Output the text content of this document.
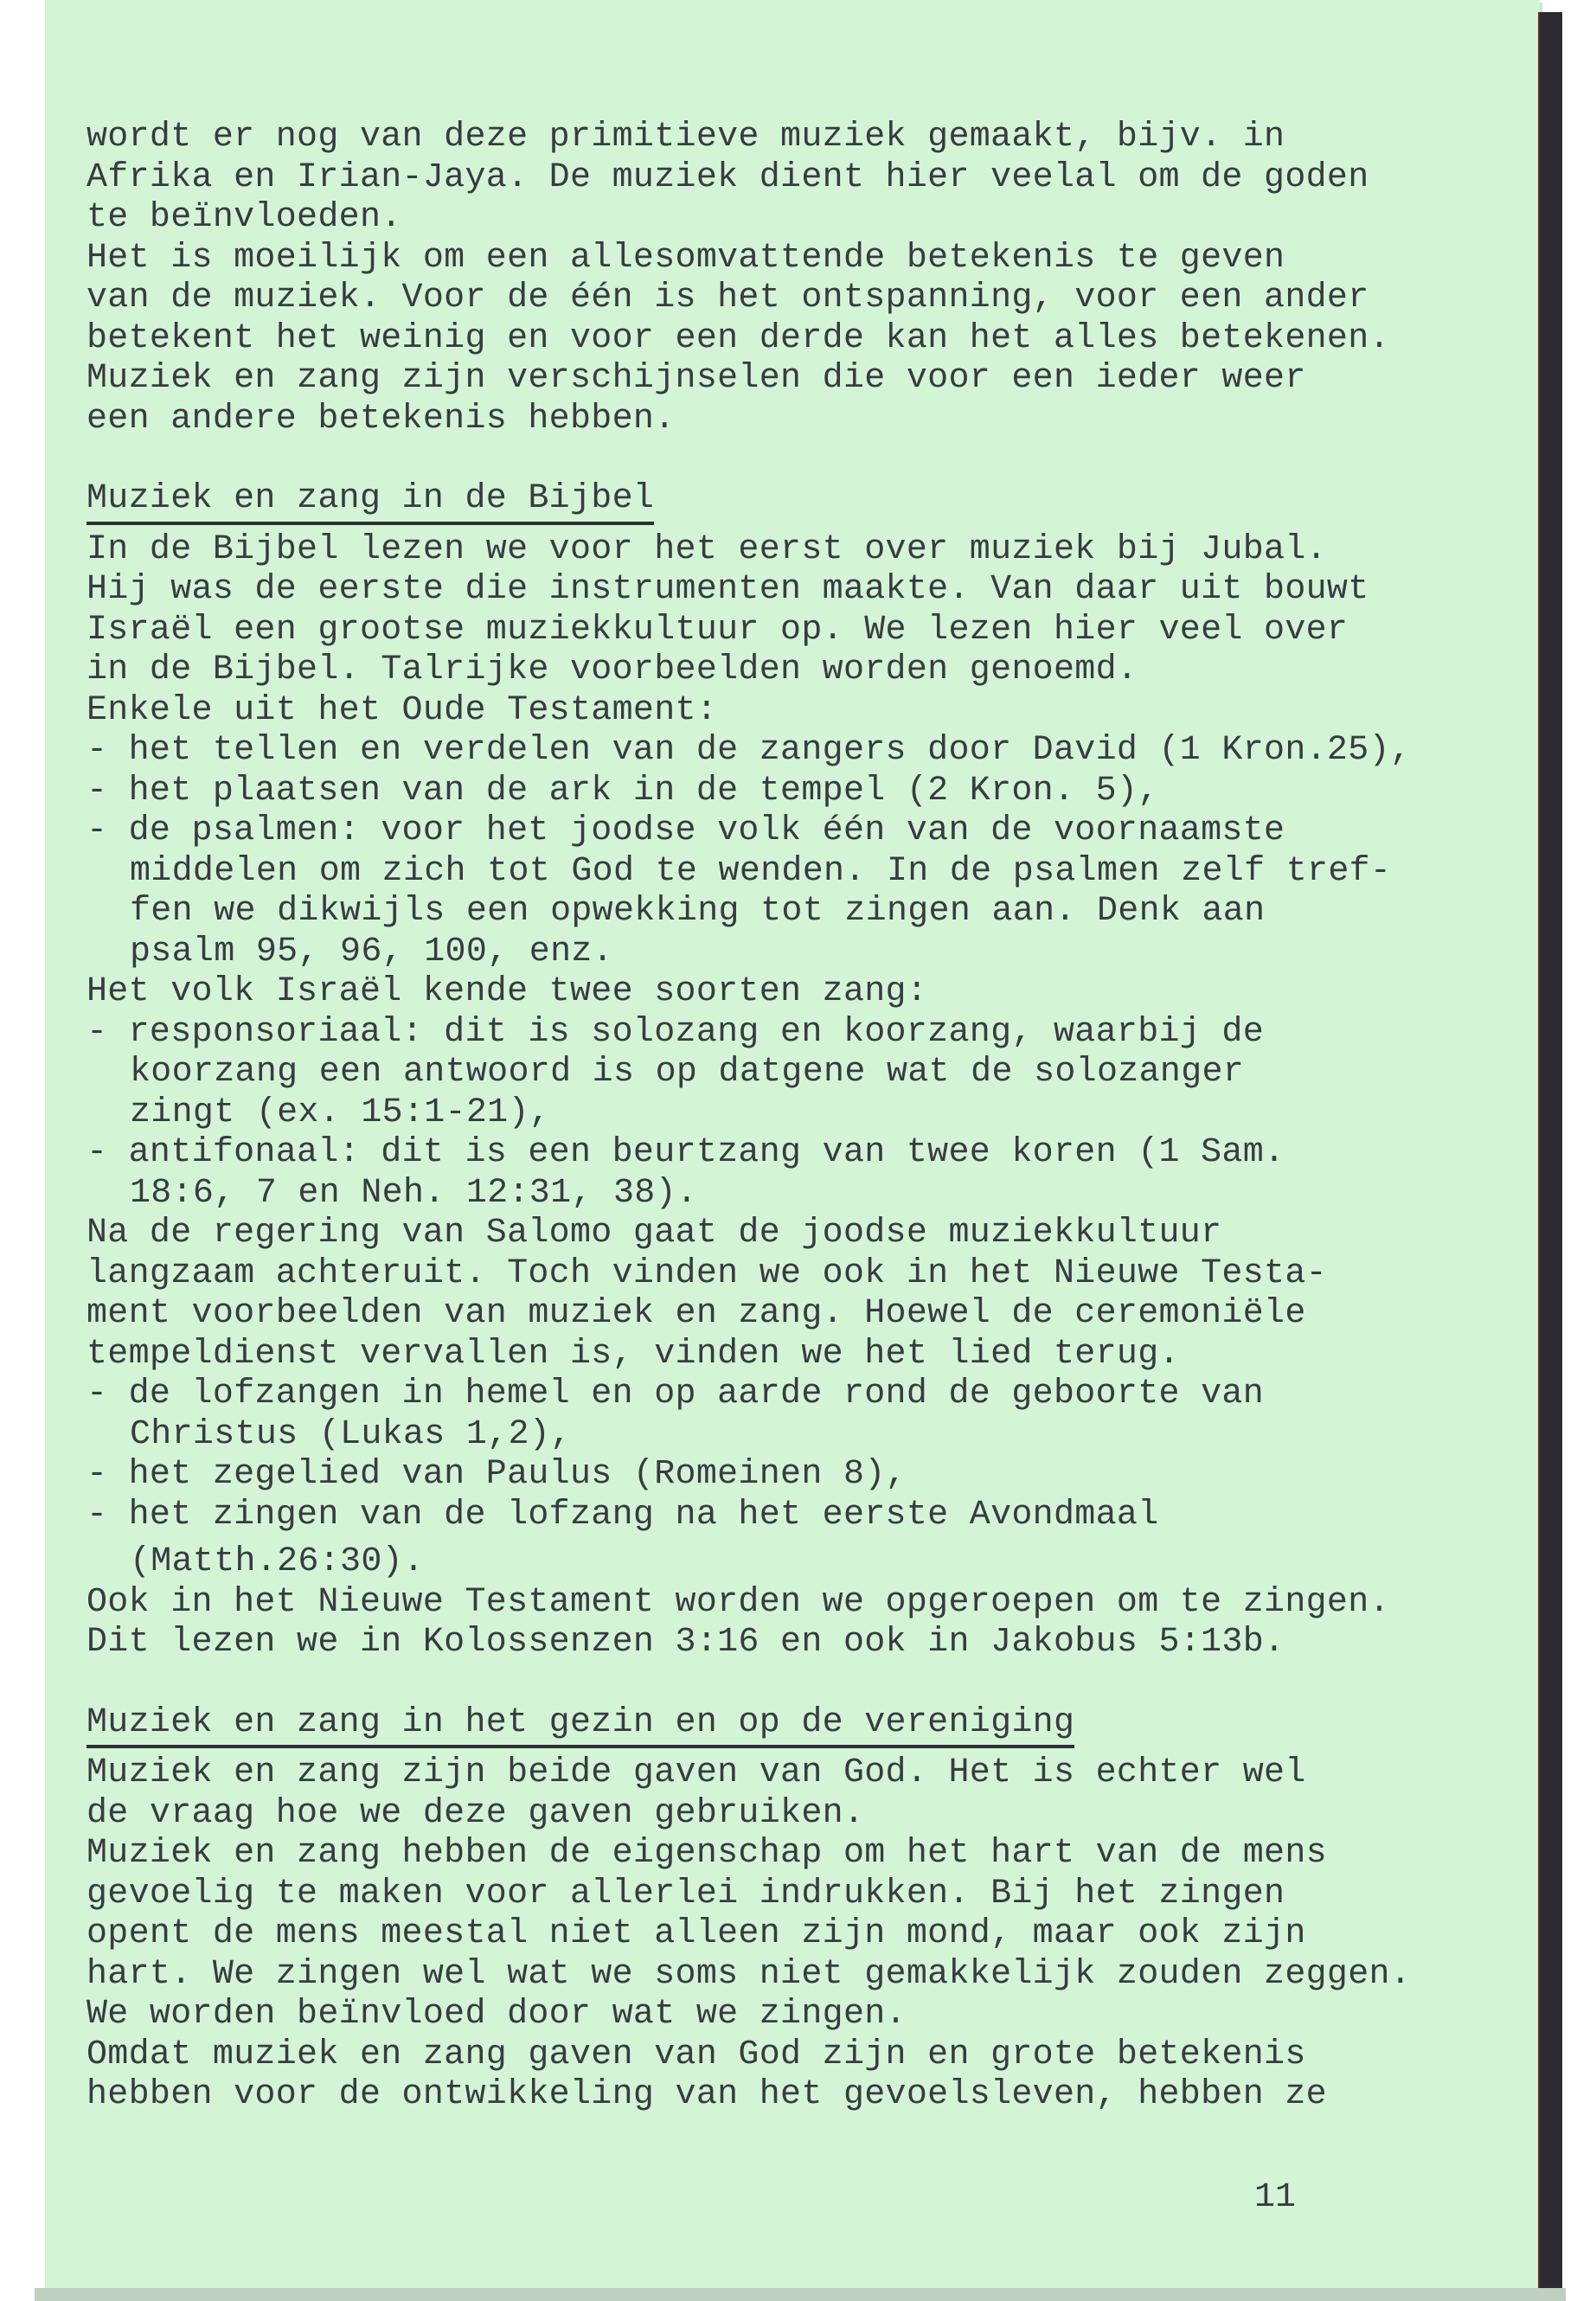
wordt er nog van deze primitieve muziek gemaakt, bijv. in
Afrika en Irian-Jaya. De muziek dient hier veelal om de goden
te beïnvloeden.
Het is moeilijk om een allesomvattende betekenis te geven
van de muziek. Voor de één is het ontspanning, voor een ander
betekent het weinig en voor een derde kan het alles betekenen.
Muziek en zang zijn verschijnselen die voor een ieder weer
een andere betekenis hebben.
Muziek en zang in de Bijbel
In de Bijbel lezen we voor het eerst over muziek bij Jubal.
Hij was de eerste die instrumenten maakte. Van daar uit bouwt
Israël een grootse muziekkultuur op. We lezen hier veel over
in de Bijbel. Talrijke voorbeelden worden genoemd.
Enkele uit het Oude Testament:
- het tellen en verdelen van de zangers door David (1 Kron.25),
- het plaatsen van de ark in de tempel (2 Kron. 5),
- de psalmen: voor het joodse volk één van de voornaamste
middelen om zich tot God te wenden. In de psalmen zelf tref-
fen we dikwijls een opwekking tot zingen aan. Denk aan
psalm 95, 96, 100, enz.
Het volk Israël kende twee soorten zang:
- responsoriaal: dit is solozang en koorzang, waarbij de
koorzang een antwoord is op datgene wat de solozanger
zingt (ex. 15:1-21),
- antifonaal: dit is een beurtzang van twee koren (1 Sam.
18:6, 7 en Neh. 12:31, 38).
Na de regering van Salomo gaat de joodse muziekkultuur
langzaam achteruit. Toch vinden we ook in het Nieuwe Testa-
ment voorbeelden van muziek en zang. Hoewel de ceremoniële
tempeldienst vervallen is, vinden we het lied terug.
- de lofzangen in hemel en op aarde rond de geboorte van
Christus (Lukas 1,2),
- het zegelied van Paulus (Romeinen 8),
- het zingen van de lofzang na het eerste Avondmaal
(Matth.26:30).
Ook in het Nieuwe Testament worden we opgeroepen om te zingen.
Dit lezen we in Kolossenzen 3:16 en ook in Jakobus 5:13b.
Muziek en zang in het gezin en op de vereniging
Muziek en zang zijn beide gaven van God. Het is echter wel
de vraag hoe we deze gaven gebruiken.
Muziek en zang hebben de eigenschap om het hart van de mens
gevoelig te maken voor allerlei indrukken. Bij het zingen
opent de mens meestal niet alleen zijn mond, maar ook zijn
hart. We zingen wel wat we soms niet gemakkelijk zouden zeggen.
We worden beïnvloed door wat we zingen.
Omdat muziek en zang gaven van God zijn en grote betekenis
hebben voor de ontwikkeling van het gevoelsleven, hebben ze
11
